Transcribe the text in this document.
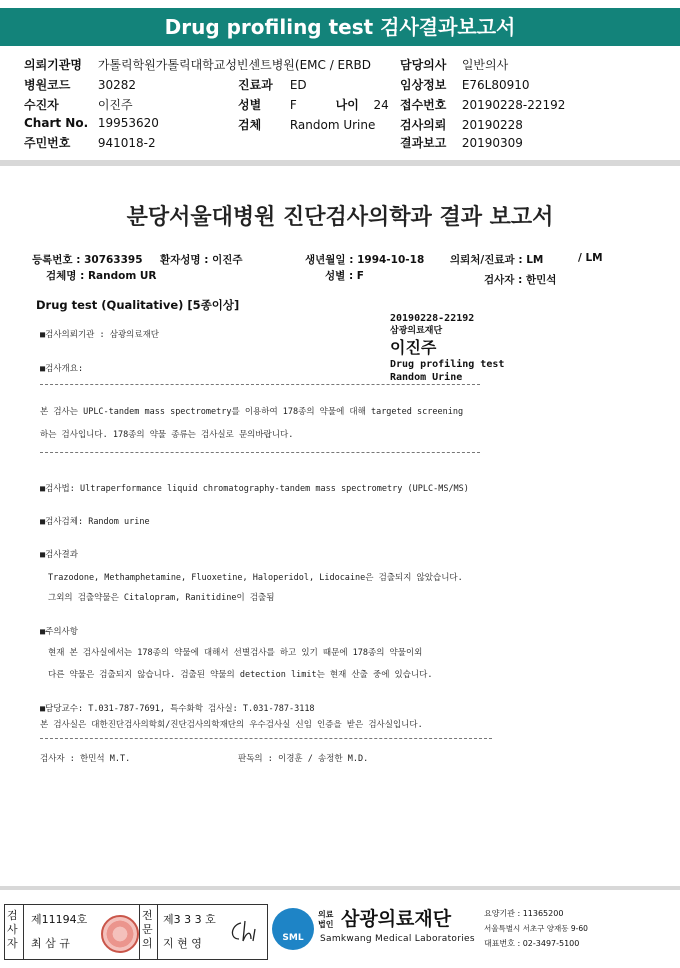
Drug profiling test 검사결과보고서
의뢰기관명 가톨릭학원가톨릭대학교성빈센트병원(EMC / ERBD 담당의사 일반의사
병원코드 30282	진료과 ED	임상정보 E76L80910
수진자	이진주	성별 F	나이 24 접수번호 20190228-22192
Chart No. 19953620	검체 Random Urine 검사의뢰 20190228
주민번호 941018-2	결과보고 20190309
분당서울대병원 진단검사의학과 결과 보고서
등록번호 : 30763395 환자성명 : 이진주	생년월일 : 1994-10-18 의뢰처/진료과 : LM	/ LM
검체명 : Random UR	성별 : F	검사자 : 한민석
Drug test (Qualitative) [5종이상]
20190228-22192
삼광의료재단
이진주
Drug profiling test
Random Urine
■검사의뢰기관 : 삼광의료재단
■검사개요:
본 검사는 UPLC-tandem mass spectrometry를 이용하여 178종의 약물에 대해 targeted screening
하는 검사입니다. 178종의 약물 종류는 검사실로 문의바랍니다.
■검사법: Ultraperformance liquid chromatography-tandem mass spectrometry (UPLC-MS/MS)
■검사검체: Random urine
■검사결과
Trazodone, Methamphetamine, Fluoxetine, Haloperidol, Lidocaine은 검출되지 않았습니다.
그외의 검출약물은 Citalopram, Ranitidine이 검출됨
■주의사항
현재 본 검사실에서는 178종의 약물에 대해서 선별검사를 하고 있기 때문에 178종의 약물이외
다른 약물은 검출되지 않습니다. 검출된 약물의 detection limit는 현재 산출 중에 있습니다.
■담당교수: T.031-787-7691, 특수화학 검사실: T.031-787-3118
본 검사실은 대한진단검사의학회/진단검사의학재단의 우수검사실 신임 인증을 받은 검사실입니다.
검사자 : 한민석 M.T.	판독의 : 이경훈 / 송정한 M.D.
검사자
제11194호
최 삼 규
전문의
제3 3 3 호
지 현 영	SML
의료법인 삼광의료재단
Samkwang Medical Laboratories
요양기관 : 11365200
서울특별시 서초구 양재동 9-60
대표번호 : 02-3497-5100
